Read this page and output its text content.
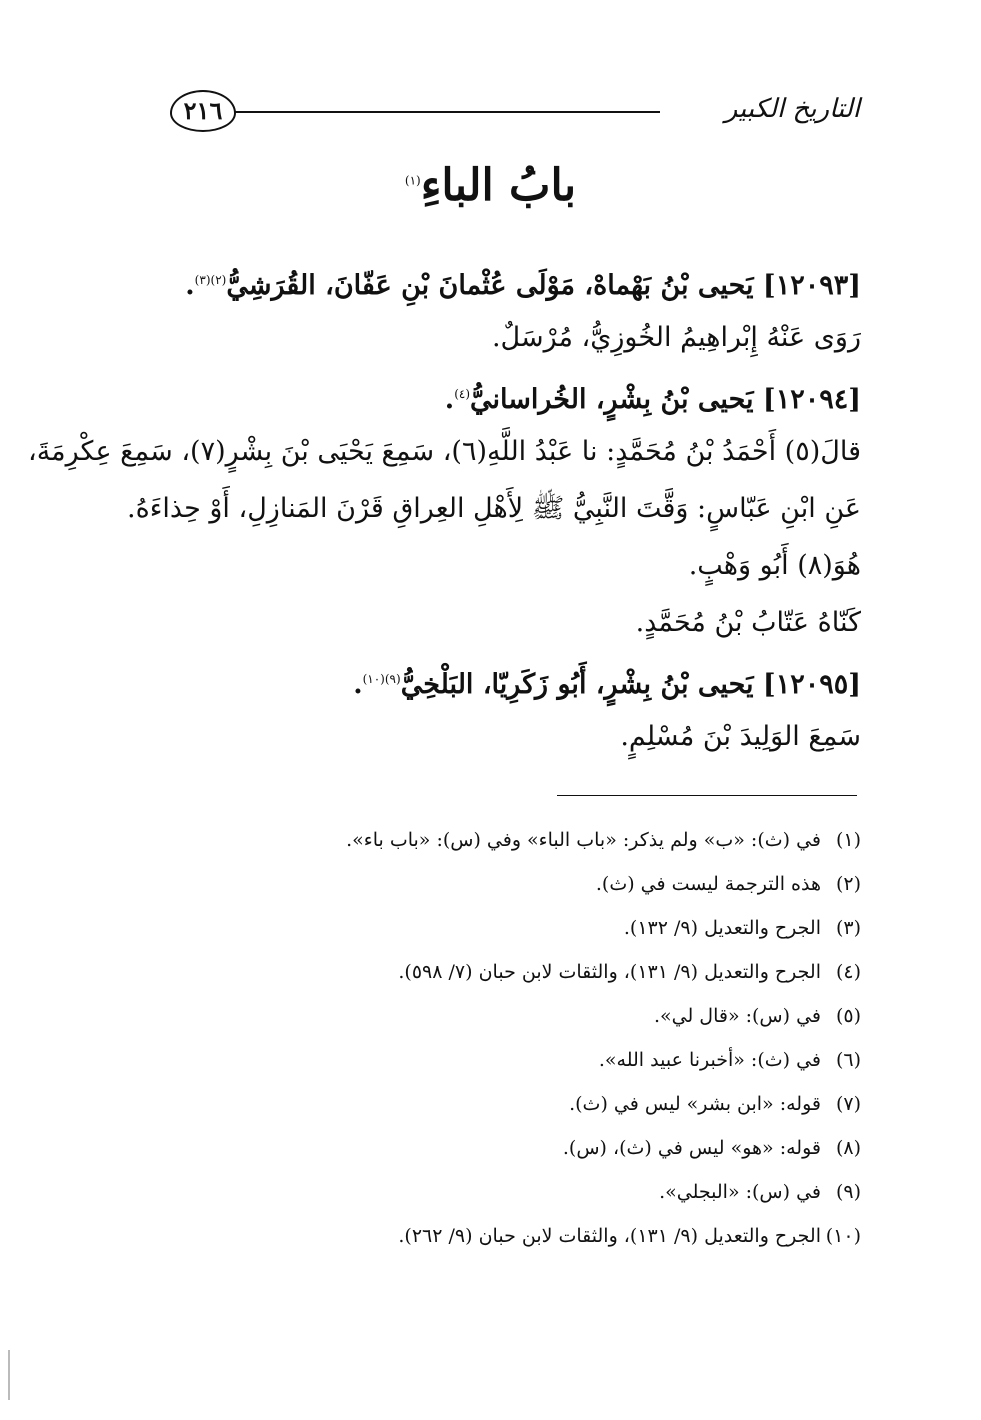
التاريخ الكبير
٢١٦
بابُ الباءِ$^{(١)}$
[١٢٠٩٣] يَحيى بْنُ بَهْماهْ، مَوْلَى عُثْمانَ بْنِ عَفّانَ، القُرَشِيُّ$^{(٢)(٣)}$.
رَوَى عَنْهُ إِبْراهِيمُ الخُوزِيُّ، مُرْسَلٌ.
[١٢٠٩٤] يَحيى بْنُ بِشْرٍ، الخُراسانيُّ$^{(٤)}$.
قالَ(٥) أَحْمَدُ بْنُ مُحَمَّدٍ: نا عَبْدُ اللَّهِ(٦)، سَمِعَ يَحْيَى بْنَ بِشْرٍ(٧)، سَمِعَ عِكْرِمَةَ،
عَنِ ابْنِ عَبّاسٍ: وَقَّتَ النَّبِيُّ ﷺ لِأَهْلِ العِراقِ قَرْنَ المَنازِلِ، أَوْ حِذاءَهُ.
هُوَ(٨) أَبُو وَهْبٍ.
كَنّاهُ عَتّابُ بْنُ مُحَمَّدٍ.
[١٢٠٩٥] يَحيى بْنُ بِشْرٍ، أَبُو زَكَرِيّا، البَلْخِيُّ$^{(٩)(١٠)}$.
سَمِعَ الوَلِيدَ بْنَ مُسْلِمٍ.
(١)في (ث): «ب» ولم يذكر: «باب الباء» وفي (س): «باب باء».
(٢)هذه الترجمة ليست في (ث).
(٣)الجرح والتعديل (٩/ ١٣٢).
(٤)الجرح والتعديل (٩/ ١٣١)، والثقات لابن حبان (٧/ ٥٩٨).
(٥)في (س): «قال لي».
(٦)في (ث): «أخبرنا عبيد الله».
(٧)قوله: «ابن بشر» ليس في (ث).
(٨)قوله: «هو» ليس في (ث)، (س).
(٩)في (س): «البجلي».
(١٠)الجرح والتعديل (٩/ ١٣١)، والثقات لابن حبان (٩/ ٢٦٢).
